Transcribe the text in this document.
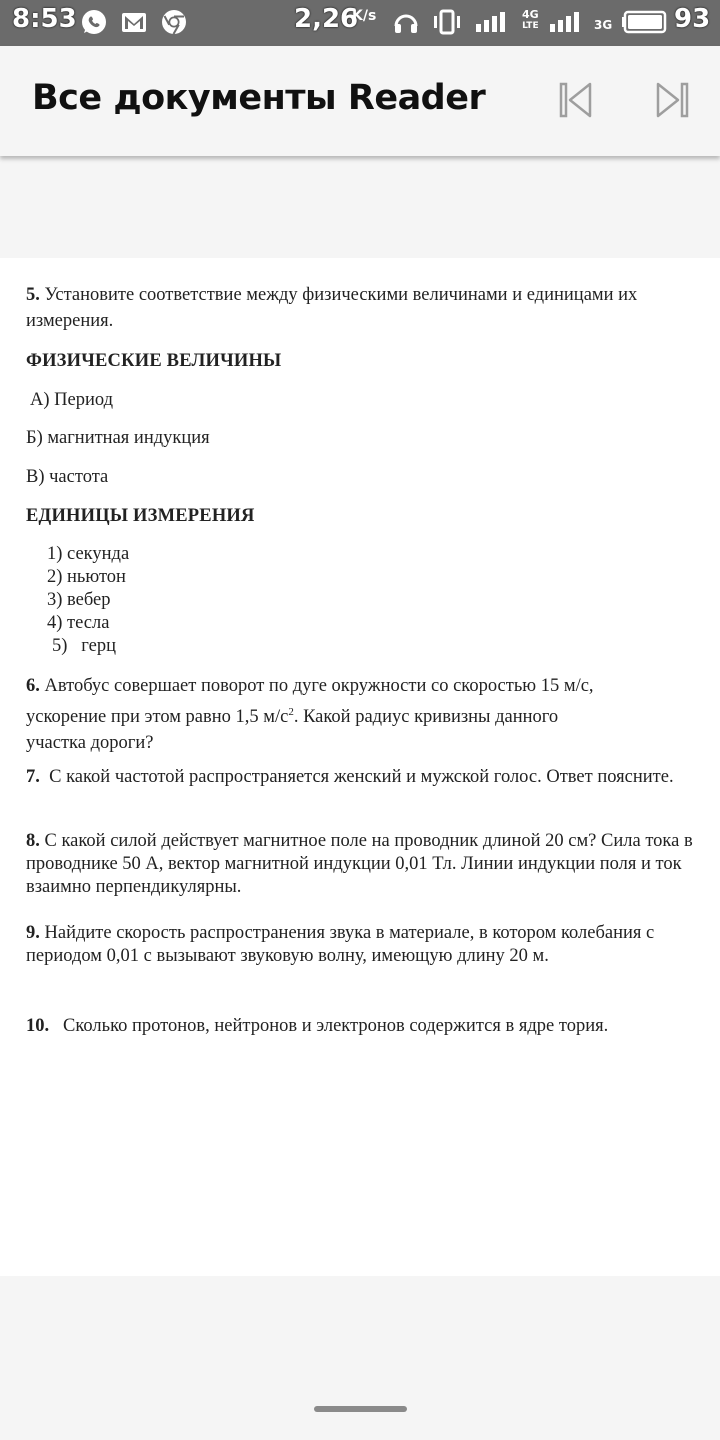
8:53	2,26
K/s	4G
LTE	3G 93
Все документы Reader

5. Установите соответствие между физическими величинами и единицами их измерения.

ФИЗИЧЕСКИЕ ВЕЛИЧИНЫ

А) Период

Б) магнитная индукция

В) частота

ЕДИНИЦЫ ИЗМЕРЕНИЯ

1) секунда
2) ньютон
3) вебер
4) тесла
5)   герц

6. Автобус совершает поворот по дуге окружности со скоростью 15 м/с,
ускорение при этом равно 1,5 $м/с^2$. Какой радиус кривизны данного
участка дороги?

7. С какой частотой распространяется женский и мужской голос. Ответ поясните.

8. С какой силой действует магнитное поле на проводник длиной 20 см? Сила тока в проводнике 50 А, вектор магнитной индукции 0,01 Тл. Линии индукции поля и ток взаимно перпендикулярны.

9. Найдите скорость распространения звука в материале, в котором колебания с периодом 0,01 с вызывают звуковую волну, имеющую длину 20 м.

10. Сколько протонов, нейтронов и электронов содержится в ядре тория.
